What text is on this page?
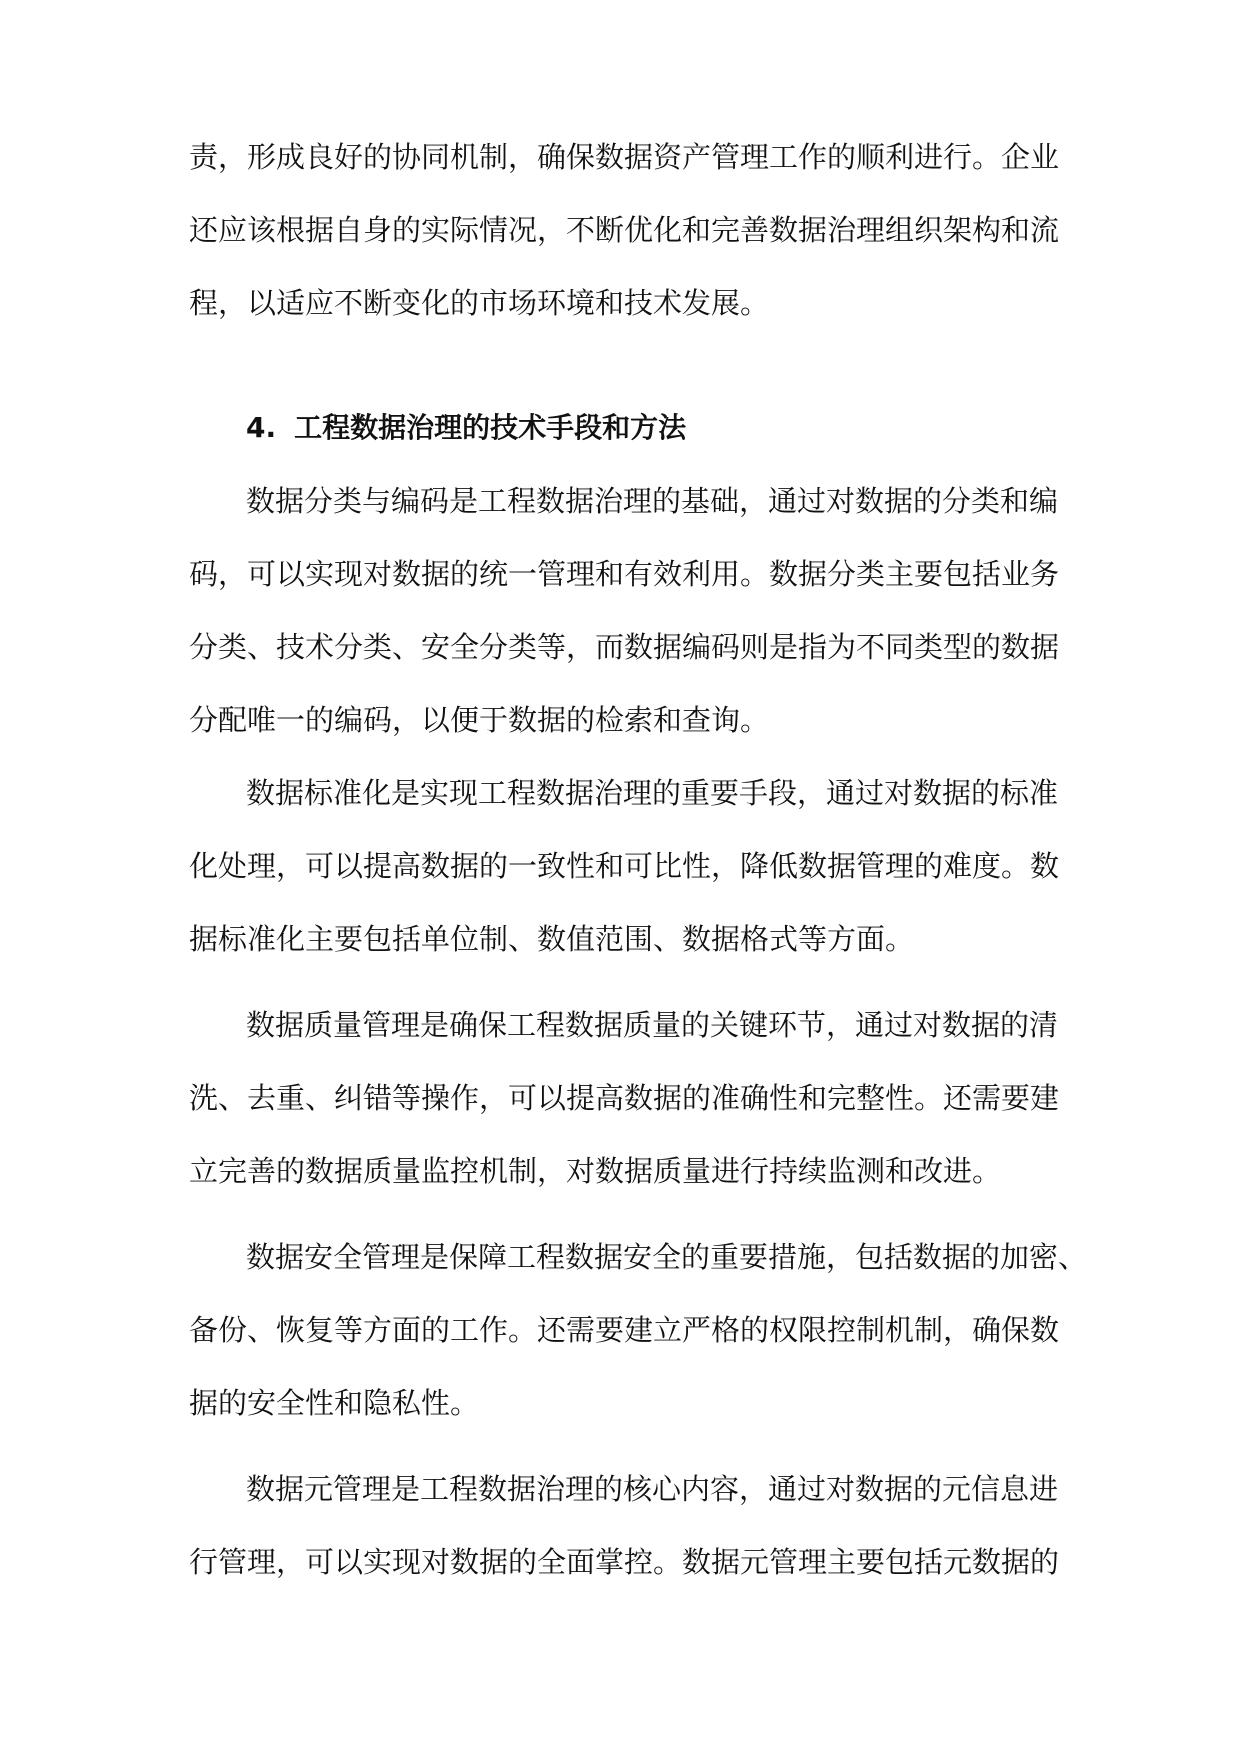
责，形成良好的协同机制，确保数据资产管理工作的顺利进行。企业
还应该根据自身的实际情况，不断优化和完善数据治理组织架构和流
程，以适应不断变化的市场环境和技术发展。
4. 工程数据治理的技术手段和方法
数据分类与编码是工程数据治理的基础，通过对数据的分类和编
码，可以实现对数据的统一管理和有效利用。数据分类主要包括业务
分类、技术分类、安全分类等，而数据编码则是指为不同类型的数据
分配唯一的编码，以便于数据的检索和查询。
数据标准化是实现工程数据治理的重要手段，通过对数据的标准
化处理，可以提高数据的一致性和可比性，降低数据管理的难度。数
据标准化主要包括单位制、数值范围、数据格式等方面。
数据质量管理是确保工程数据质量的关键环节，通过对数据的清
洗、去重、纠错等操作，可以提高数据的准确性和完整性。还需要建
立完善的数据质量监控机制，对数据质量进行持续监测和改进。
数据安全管理是保障工程数据安全的重要措施，包括数据的加密、
备份、恢复等方面的工作。还需要建立严格的权限控制机制，确保数
据的安全性和隐私性。
数据元管理是工程数据治理的核心内容，通过对数据的元信息进
行管理，可以实现对数据的全面掌控。数据元管理主要包括元数据的
